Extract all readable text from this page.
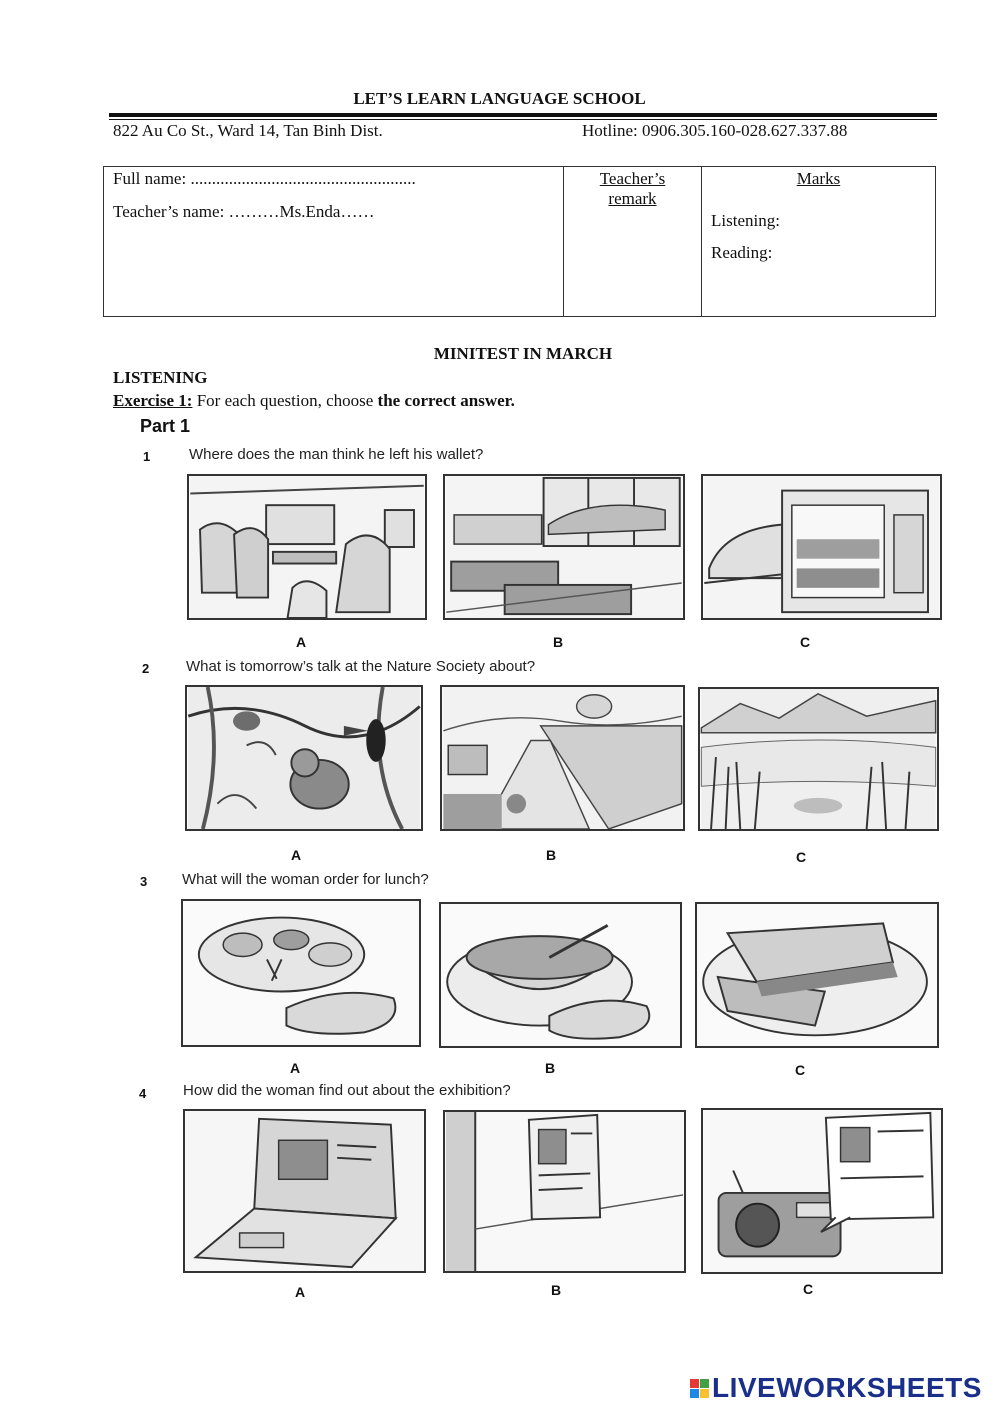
LET’S LEARN LANGUAGE SCHOOL
822 Au Co St., Ward 14, Tan Binh Dist.	Hotline: 0906.305.160-028.627.337.88
Full name: .....................................................
Teacher’s name: ………Ms.Enda……

Teacher’s
remark

Marks
Listening:
Reading:
MINITEST IN MARCH
LISTENING
Exercise 1: For each question, choose the correct answer.
Part 1
1	Where does the man think he left his wallet?
A	B	C
2 What is tomorrow’s talk at the Nature Society about?
A	B	C
3 What will the woman order for lunch?
A	B	C
4 How did the woman find out about the exhibition?
A	B	C
LIVEWORKSHEETS
